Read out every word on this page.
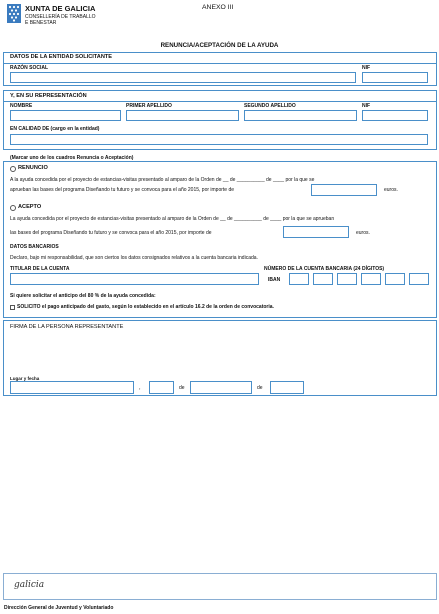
XUNTA DE GALICIA
CONSELLERÍA DE TRABALLO
E BENESTAR
ANEXO III
RENUNCIA/ACEPTACIÓN DE LA AYUDA
DATOS DE LA ENTIDAD SOLICITANTE
RAZÓN SOCIAL	NIF
Y, EN SU REPRESENTACIÓN
NOMBRE	PRIMER APELLIDO	SEGUNDO APELLIDO	NIF
EN CALIDAD DE (cargo en la entidad)
(Marcar uno de los cuadros Renuncia o Aceptación)
RENUNCIO
A la ayuda concedida por el proyecto de estancias-visitas presentado al amparo de la Orden de __ de __________ de ____ por la que se
aprueban las bases del programa Diseñando tu futuro y se convoca para el año 2015, por importe de	euros.
ACEPTO
La ayuda concedida por el proyecto de estancias-visitas presentado al amparo de la Orden de __ de __________ de ____ por la que se aprueban
las bases del programa Diseñando tu futuro y se convoca para el año 2015, por importe de	euros.
DATOS BANCARIOS
Declaro, bajo mi responsabilidad, que son ciertos los datos consignados relativos a la cuenta bancaria indicada.
TITULAR DE LA CUENTA	NÚMERO DE LA CUENTA BANCARIA (24 DÍGITOS)
IBAN
Si quiere solicitar el anticipo del 80 % de la ayuda concedida:
SOLICITO el pago anticipado del gasto, según lo establecido en el artículo 16.2 de la orden de convocatoria.
FIRMA DE LA PERSONA REPRESENTANTE
Lugar y fecha
,	de	de
galicia
Dirección General de Juventud y Voluntariado
